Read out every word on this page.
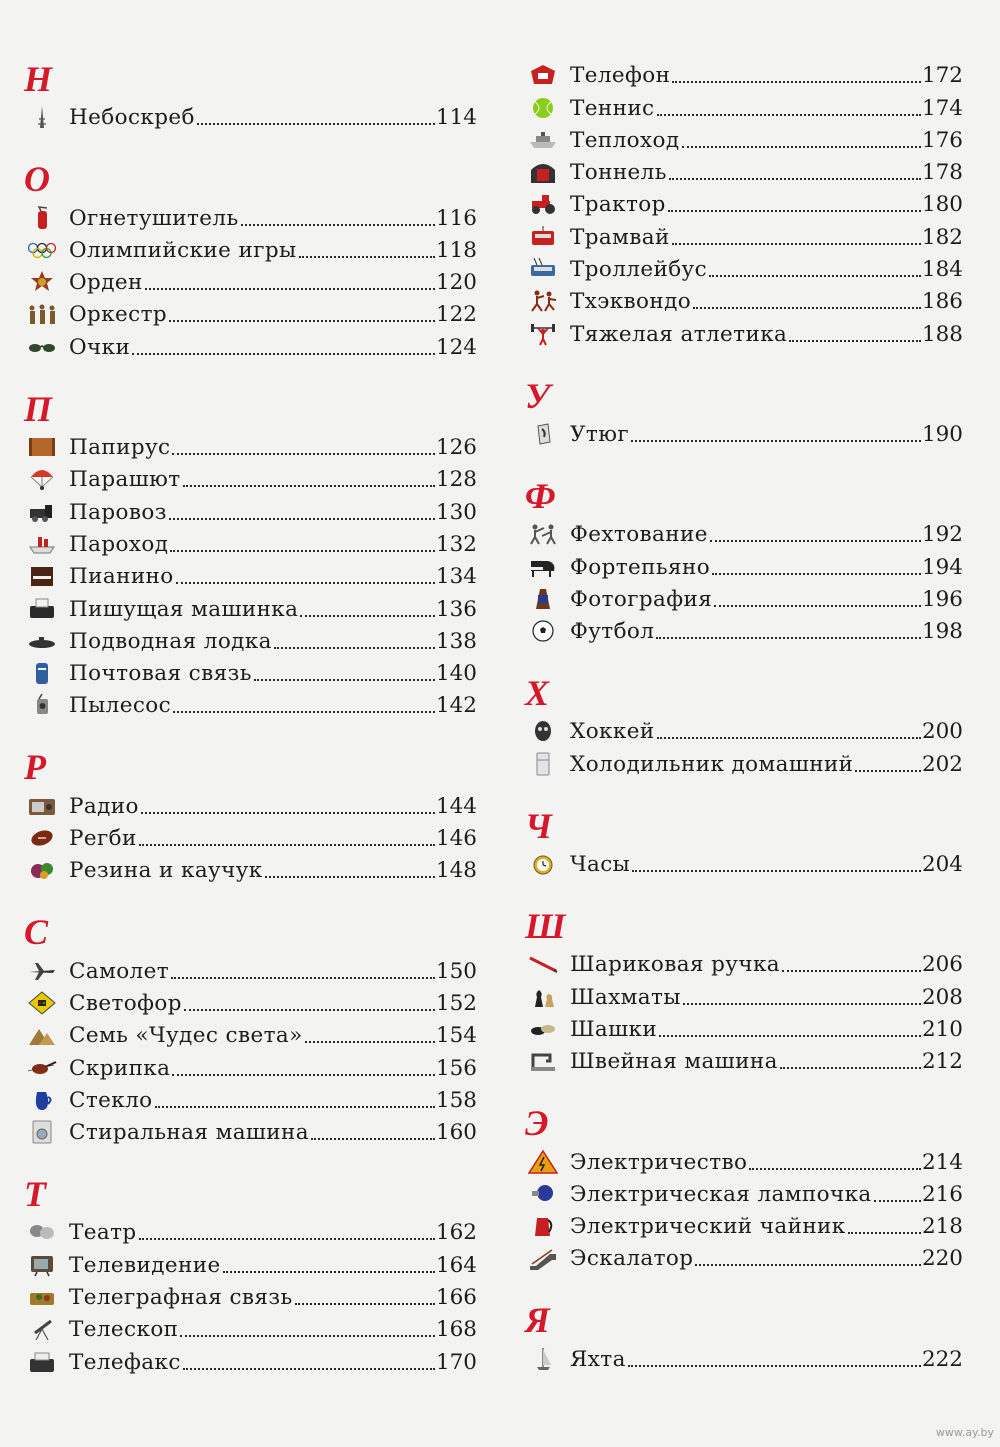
Н
Небоскреб	114
О
Огнетушитель	116
Олимпийские игры	118
Орден	120
Оркестр	122
Очки	124
П
Папирус	126
Парашют	128
Паровоз	130
Пароход	132
Пианино	134
Пишущая машинка	136
Подводная лодка	138
Почтовая связь	140
Пылесос	142
Р
Радио	144
Регби	146
Резина и каучук	148
С
Самолет	150
Светофор	152
Семь «Чудес света»	154
Скрипка	156
Стекло	158
Стиральная машина	160
Т
Театр	162
Телевидение	164
Телеграфная связь	166
Телескоп	168
Телефакс	170
Телефон	172
Теннис	174
Теплоход	176
Тоннель	178
Трактор	180
Трамвай	182
Троллейбус	184
Тхэквондо	186
Тяжелая атлетика	188
У
Утюг	190
Ф
Фехтование	192
Фортепьяно	194
Фотография	196
Футбол	198
Х
Хоккей	200
Холодильник домашний	202
Ч
Часы	204
Ш
Шариковая ручка	206
Шахматы	208
Шашки	210
Швейная машина	212
Э
Электричество	214
Электрическая лампочка 216
Электрический чайник	218
Эскалатор	220
Я
Яхта	222
www.ay.by
